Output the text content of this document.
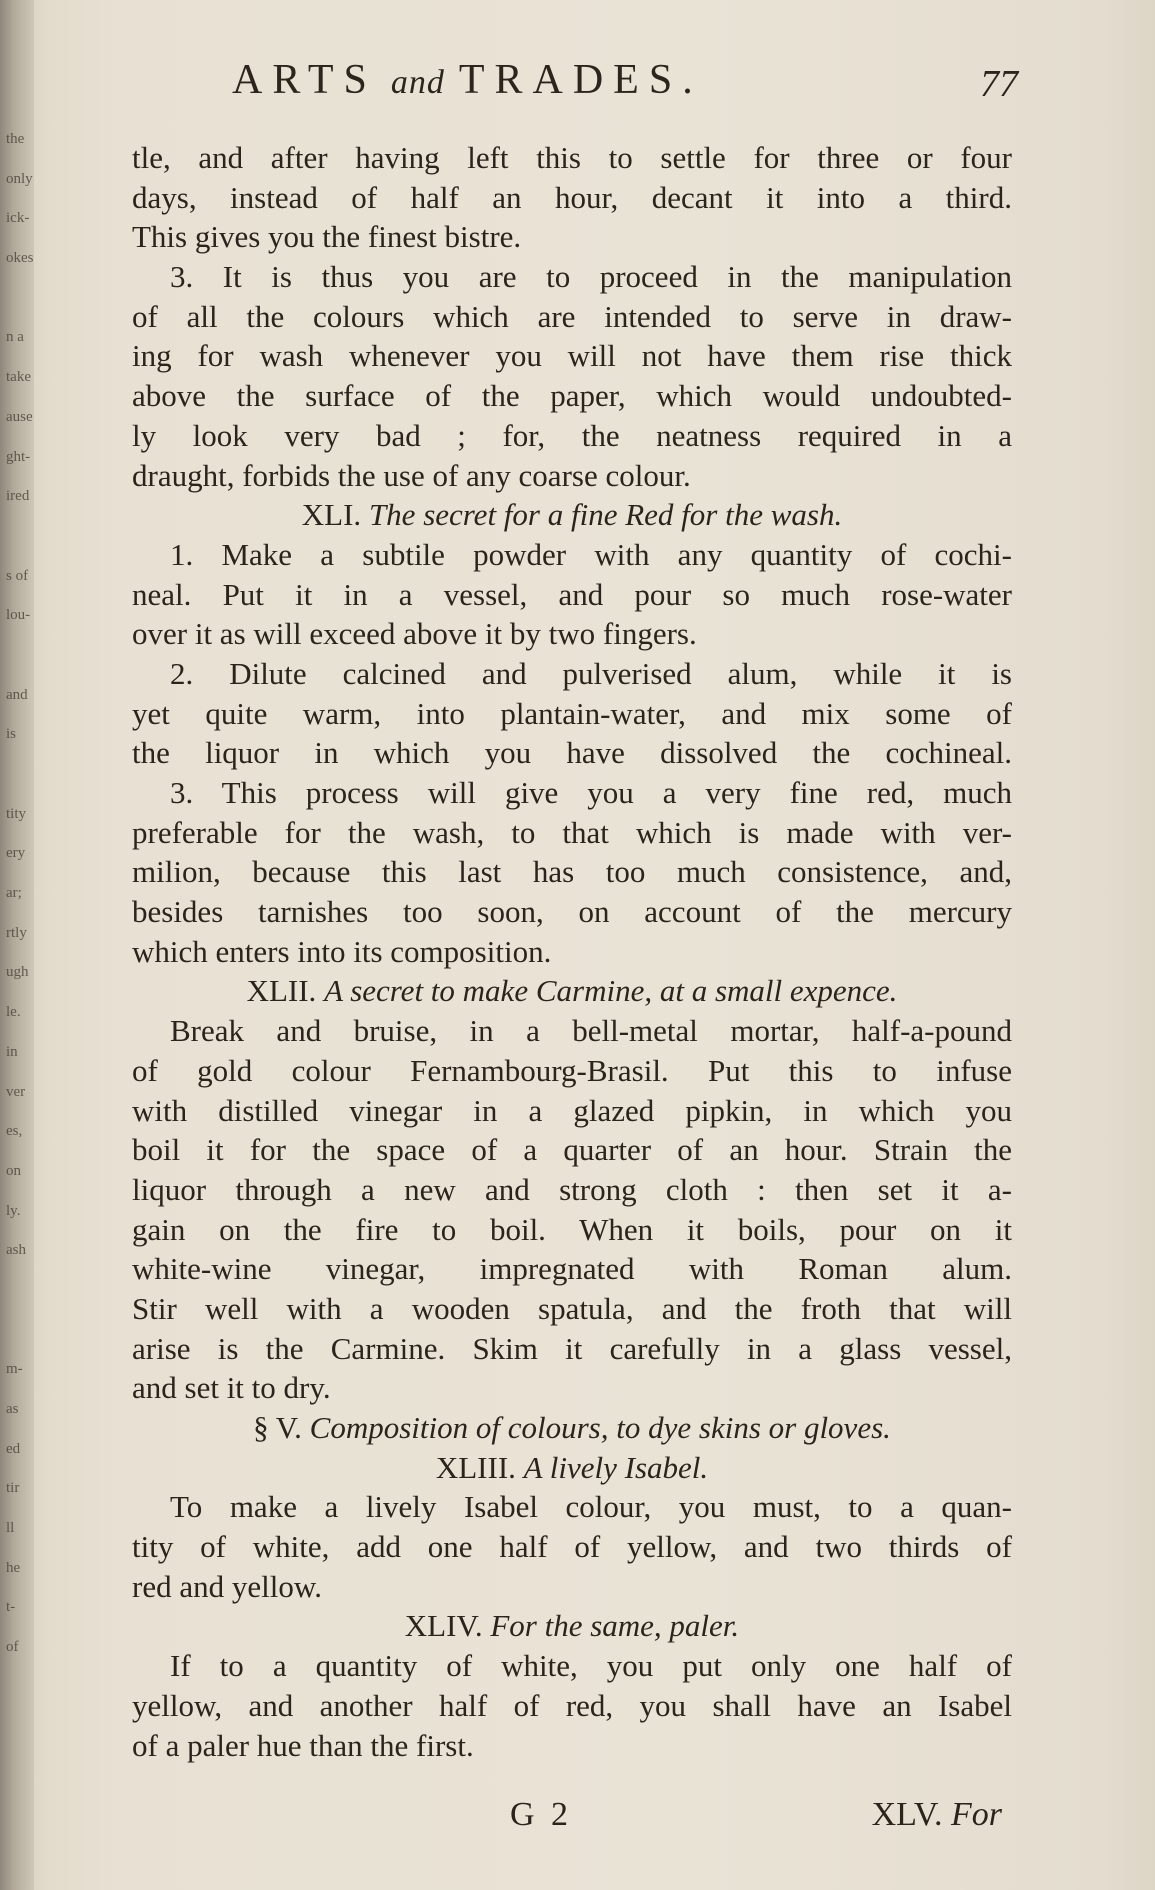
the
only
ick-
okes
n a
take
ause
ght-
ired
s of
lou-
and
is
tity
ery
ar;
rtly
ugh
le.
in
ver
es,
on
ly.
ash
m-
as
ed
tir
ll
he
t-
of
ARTS and TRADES.	77
tle, and after having left this to settle for three or four
days, instead of half an hour, decant it into a third.
This gives you the finest bistre.
3. It is thus you are to proceed in the manipulation
of all the colours which are intended to serve in draw-
ing for wash whenever you will not have them rise thick
above the surface of the paper, which would undoubted-
ly look very bad ; for, the neatness required in a
draught, forbids the use of any coarse colour.
XLI. The secret for a fine Red for the wash.
1. Make a subtile powder with any quantity of cochi-
neal. Put it in a vessel, and pour so much rose-water
over it as will exceed above it by two fingers.
2. Dilute calcined and pulverised alum, while it is
yet quite warm, into plantain-water, and mix some of
the liquor in which you have dissolved the cochineal.
3. This process will give you a very fine red, much
preferable for the wash, to that which is made with ver-
milion, because this last has too much consistence, and,
besides tarnishes too soon, on account of the mercury
which enters into its composition.
XLII. A secret to make Carmine, at a small expence.
Break and bruise, in a bell-metal mortar, half-a-pound
of gold colour Fernambourg-Brasil. Put this to infuse
with distilled vinegar in a glazed pipkin, in which you
boil it for the space of a quarter of an hour. Strain the
liquor through a new and strong cloth : then set it a-
gain on the fire to boil. When it boils, pour on it
white-wine vinegar, impregnated with Roman alum.
Stir well with a wooden spatula, and the froth that will
arise is the Carmine. Skim it carefully in a glass vessel,
and set it to dry.
§ V. Composition of colours, to dye skins or gloves.
XLIII. A lively Isabel.
To make a lively Isabel colour, you must, to a quan-
tity of white, add one half of yellow, and two thirds of
red and yellow.
XLIV. For the same, paler.
If to a quantity of white, you put only one half of
yellow, and another half of red, you shall have an Isabel
of a paler hue than the first.
G 2	XLV. For
